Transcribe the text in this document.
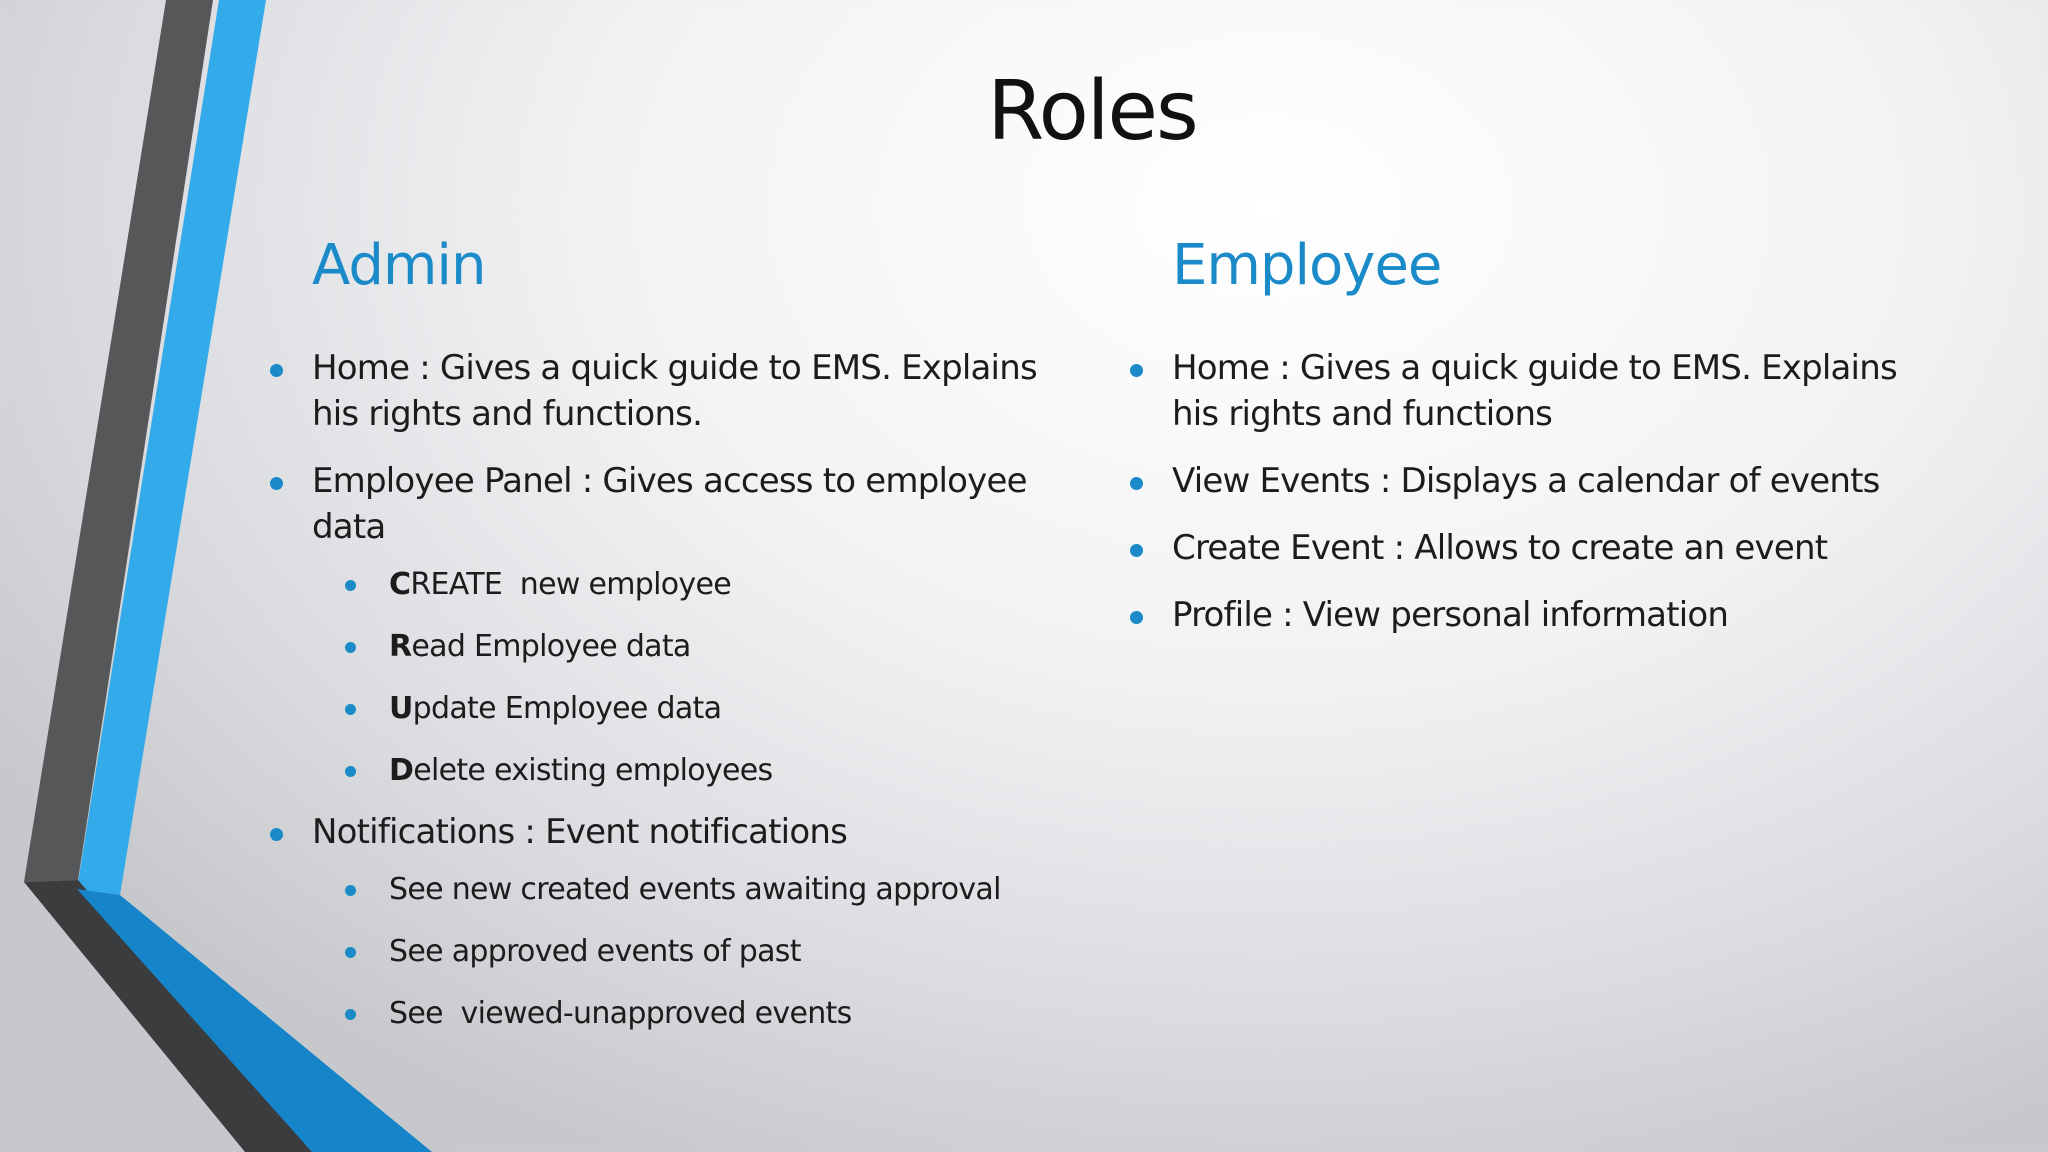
Roles
Admin
Home : Gives a quick guide to EMS. Explains his rights and functions.
Employee Panel : Gives access to employee data
CREATE  new employee
Read Employee data
Update Employee data
Delete existing employees
Notifications : Event notifications
See new created events awaiting approval
See approved events of past
See  viewed-unapproved events
Employee
Home : Gives a quick guide to EMS. Explains his rights and functions
View Events : Displays a calendar of events
Create Event : Allows to create an event
Profile : View personal information
